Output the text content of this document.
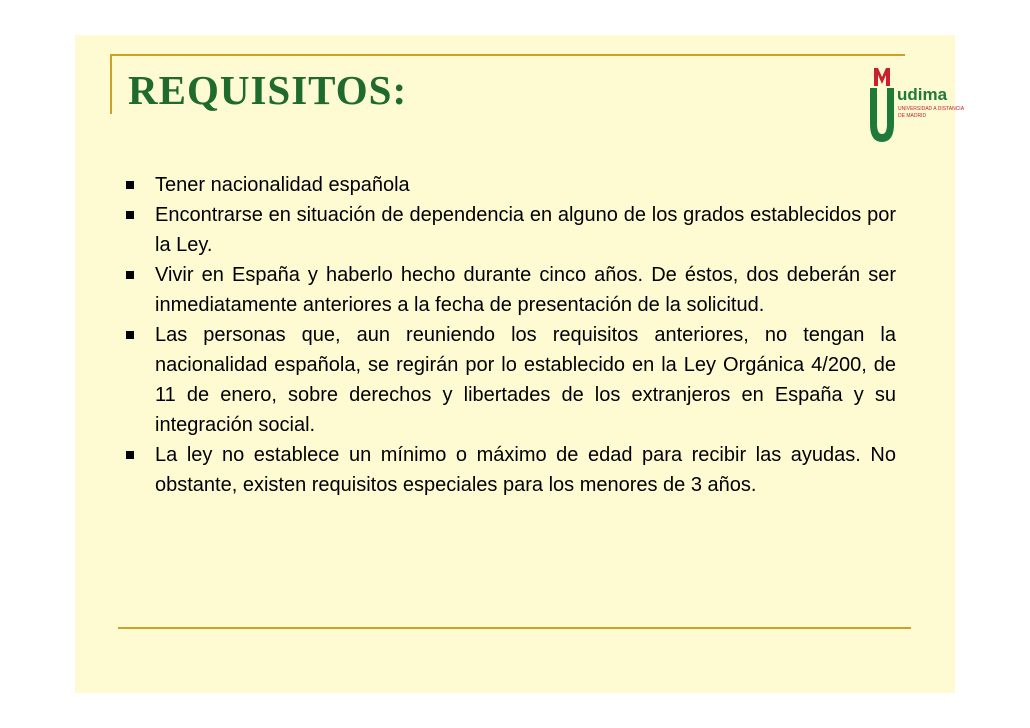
REQUISITOS:	udima
UNIVERSIDAD A DISTANCIA
DE MADRID
Tener nacionalidad española
Encontrarse en situación de dependencia en alguno de los grados establecidos por la Ley.
Vivir en España y haberlo hecho durante cinco años. De éstos, dos deberán ser inmediatamente anteriores a la fecha de presentación de la solicitud.
Las personas que, aun reuniendo los requisitos anteriores, no tengan la nacionalidad española, se regirán por lo establecido en la Ley Orgánica 4/200, de 11 de enero, sobre derechos y libertades de los extranjeros en España y su integración social.
La ley no establece un mínimo o máximo de edad para recibir las ayudas. No obstante, existen requisitos especiales para los menores de 3 años.
